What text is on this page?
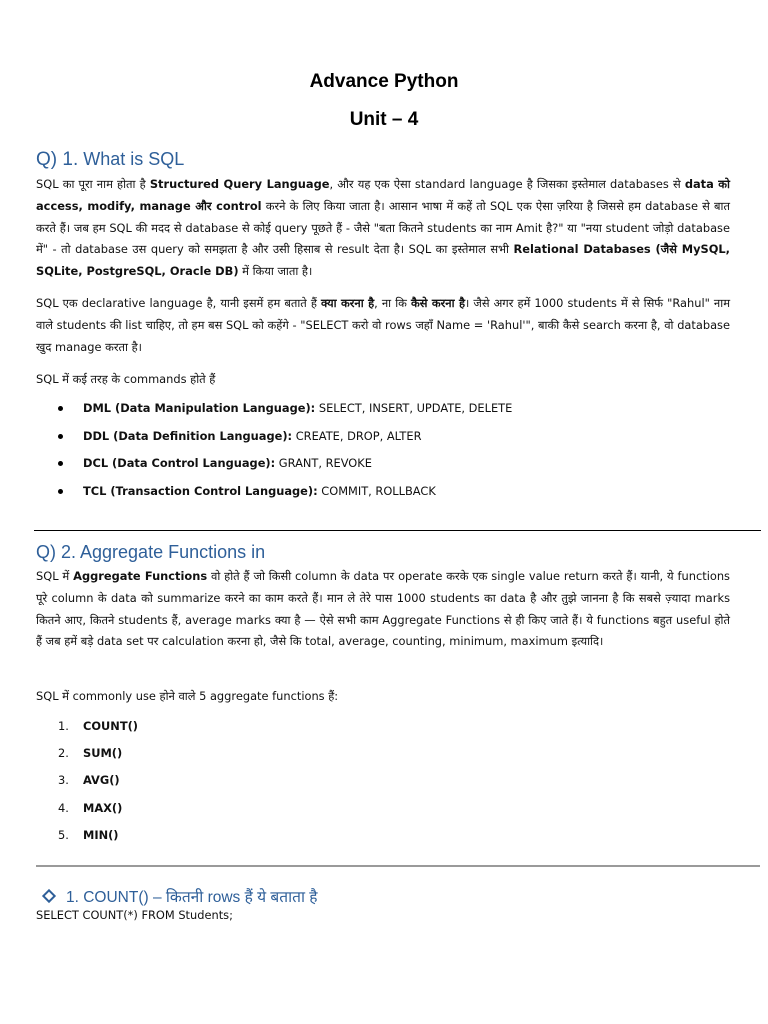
Advance Python
Unit – 4
Q) 1. What is SQL
SQL का पूरा नाम होता है Structured Query Language, और यह एक ऐसा standard language है जिसका इस्तेमाल databases से data को access, modify, manage और control करने के लिए किया जाता है। आसान भाषा में कहें तो SQL एक ऐसा ज़रिया है जिससे हम database से बात करते हैं। जब हम SQL की मदद से database से कोई query पूछते हैं - जैसे "बता कितने students का नाम Amit है?" या "नया student जोड़ो database में" - तो database उस query को समझता है और उसी हिसाब से result देता है। SQL का इस्तेमाल सभी Relational Databases (जैसे MySQL, SQLite, PostgreSQL, Oracle DB) में किया जाता है।
SQL एक declarative language है, यानी इसमें हम बताते हैं क्या करना है, ना कि कैसे करना है। जैसे अगर हमें 1000 students में से सिर्फ "Rahul" नाम वाले students की list चाहिए, तो हम बस SQL को कहेंगे - "SELECT करो वो rows जहाँ Name = 'Rahul'", बाकी कैसे search करना है, वो database खुद manage करता है।
SQL में कई तरह के commands होते हैं
DML (Data Manipulation Language): SELECT, INSERT, UPDATE, DELETE
DDL (Data Definition Language): CREATE, DROP, ALTER
DCL (Data Control Language): GRANT, REVOKE
TCL (Transaction Control Language): COMMIT, ROLLBACK
Q) 2. Aggregate Functions in
SQL में Aggregate Functions वो होते हैं जो किसी column के data पर operate करके एक single value return करते हैं। यानी, ये functions पूरे column के data को summarize करने का काम करते हैं। मान ले तेरे पास 1000 students का data है और तुझे जानना है कि सबसे ज़्यादा marks कितने आए, कितने students हैं, average marks क्या है — ऐसे सभी काम Aggregate Functions से ही किए जाते हैं। ये functions बहुत useful होते हैं जब हमें बड़े data set पर calculation करना हो, जैसे कि total, average, counting, minimum, maximum इत्यादि।
SQL में commonly use होने वाले 5 aggregate functions हैं:
1. COUNT()
2. SUM()
3. AVG()
4. MAX()
5. MIN()
1. COUNT() – कितनी rows हैं ये बताता है
SELECT COUNT(*) FROM Students;
